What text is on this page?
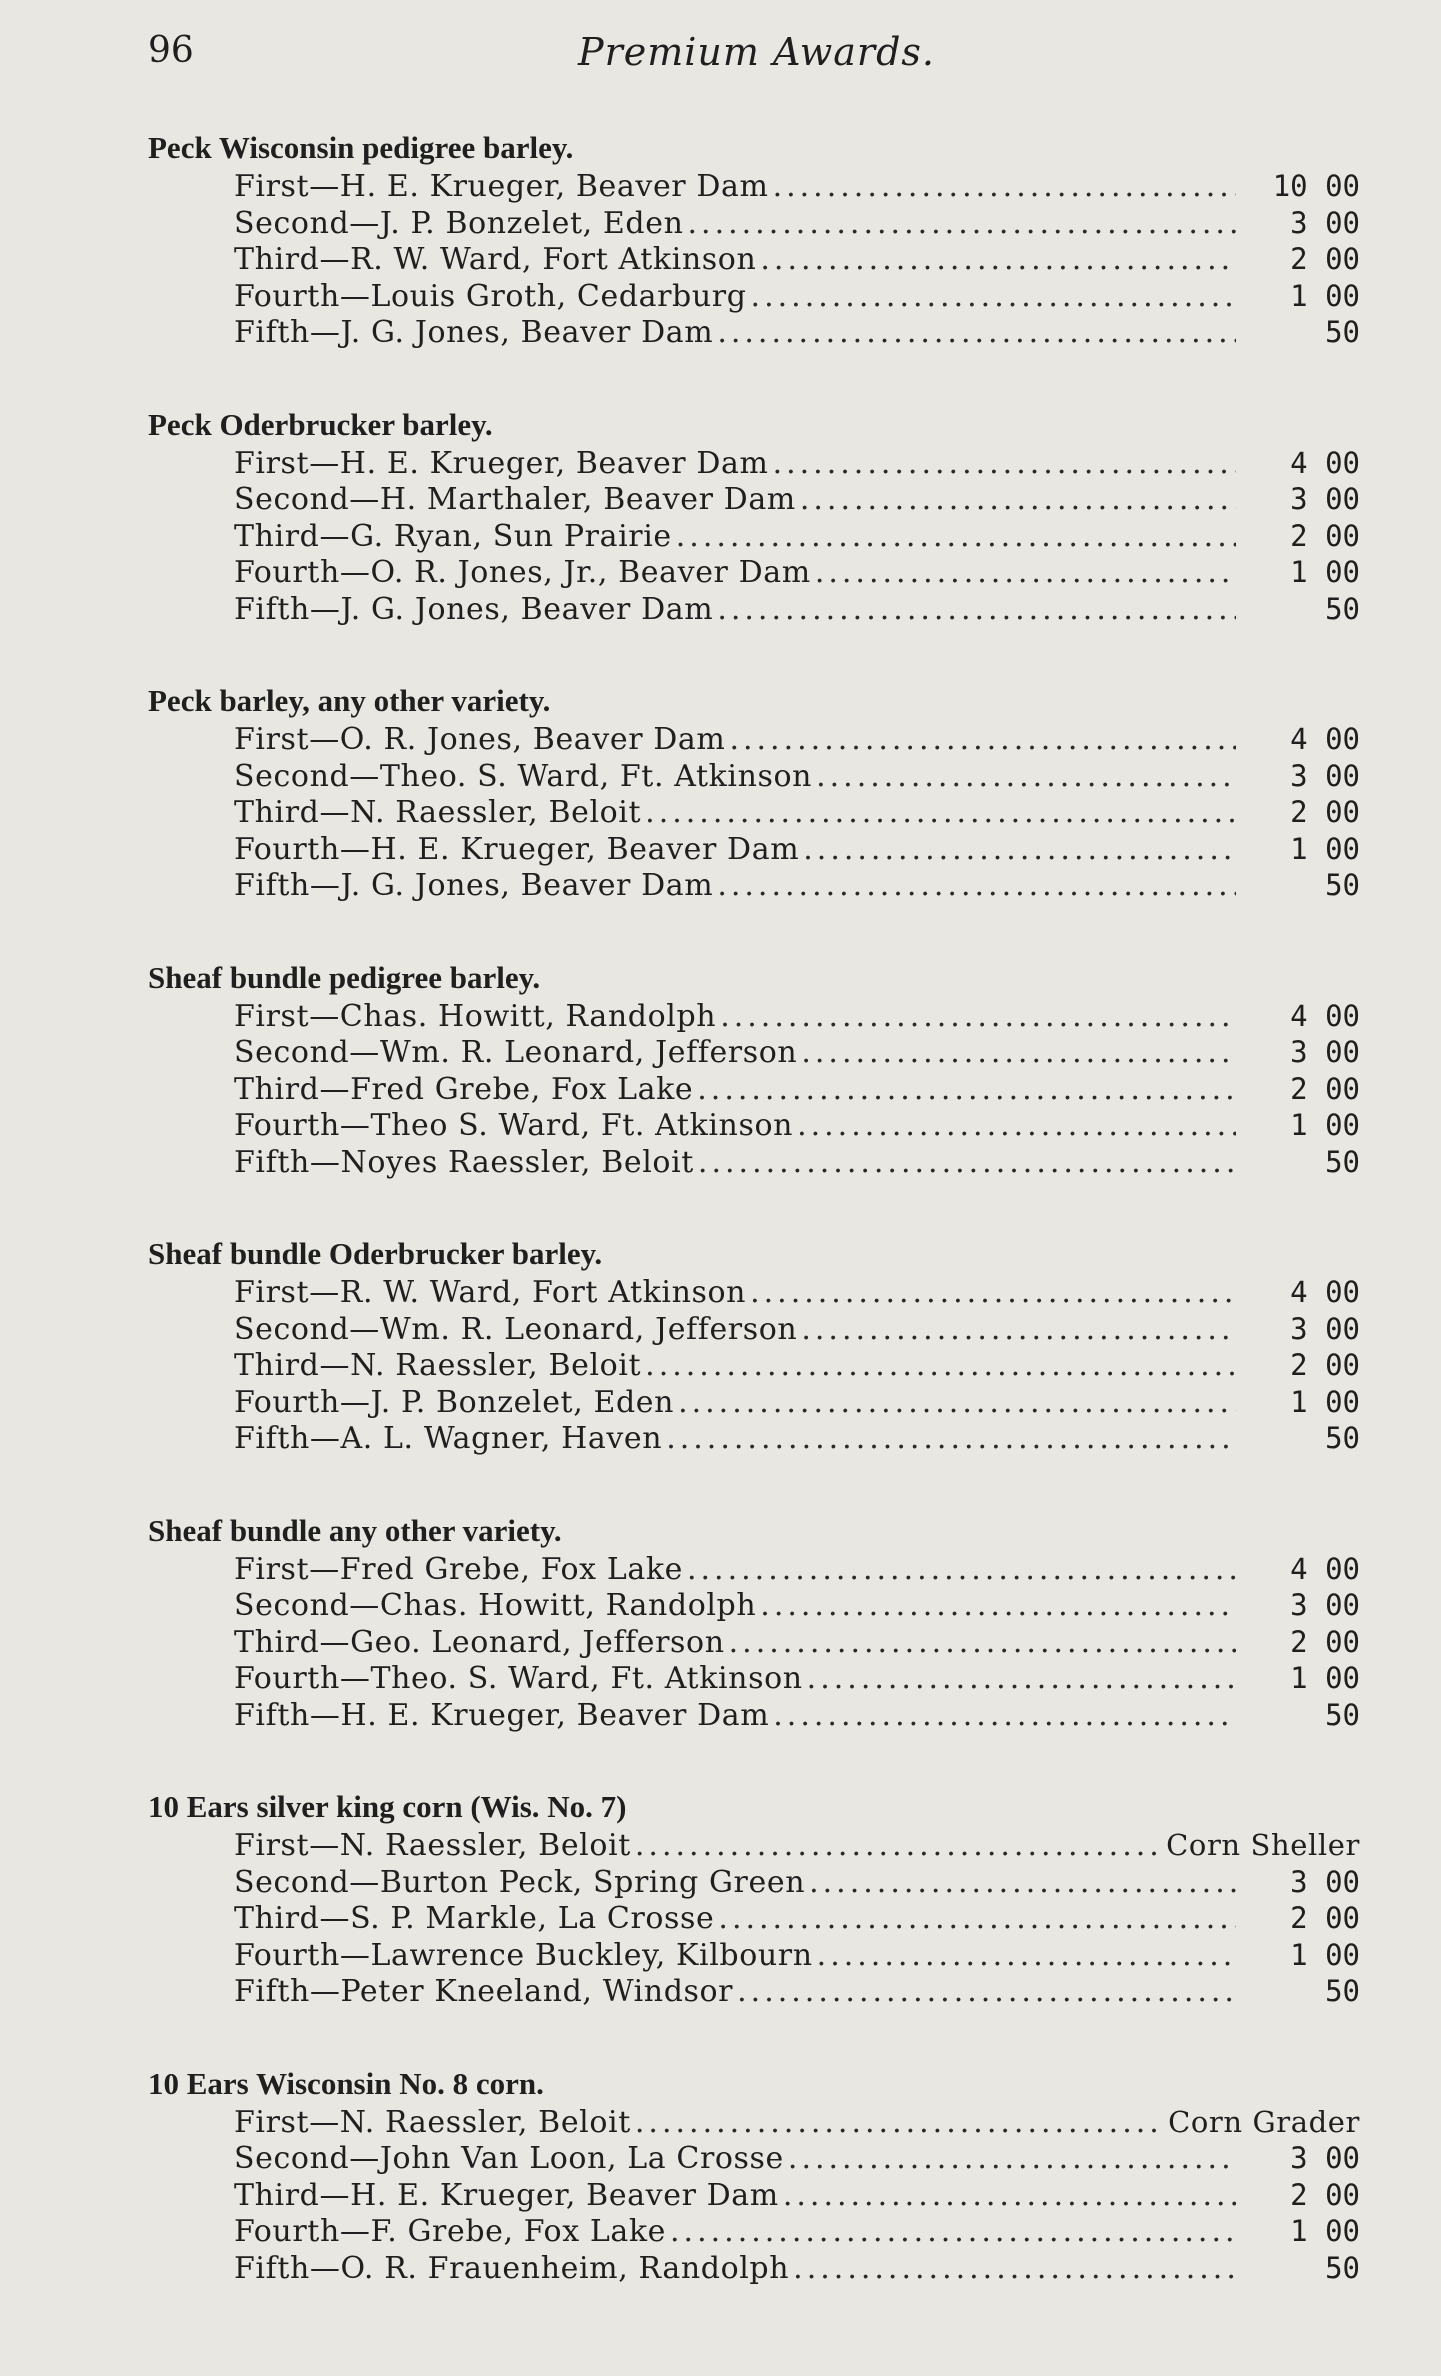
96	Premium Awards.
Peck Wisconsin pedigree barley.
First—H. E. Krueger, Beaver Dam .....	10 00
Second—J. P. Bonzelet, Eden .....	3 00
Third—R. W. Ward, Fort Atkinson .....	2 00
Fourth—Louis Groth, Cedarburg .....	1 00
Fifth—J. G. Jones, Beaver Dam .....	50
Peck Oderbrucker barley.
First—H. E. Krueger, Beaver Dam .....	4 00
Second—H. Marthaler, Beaver Dam .....	3 00
Third—G. Ryan, Sun Prairie .....	2 00
Fourth—O. R. Jones, Jr., Beaver Dam .....	1 00
Fifth—J. G. Jones, Beaver Dam .....	50
Peck barley, any other variety.
First—O. R. Jones, Beaver Dam .....	4 00
Second—Theo. S. Ward, Ft. Atkinson .....	3 00
Third—N. Raessler, Beloit .....	2 00
Fourth—H. E. Krueger, Beaver Dam .....	1 00
Fifth—J. G. Jones, Beaver Dam .....	50
Sheaf bundle pedigree barley.
First—Chas. Howitt, Randolph .....	4 00
Second—Wm. R. Leonard, Jefferson .....	3 00
Third—Fred Grebe, Fox Lake .....	2 00
Fourth—Theo S. Ward, Ft. Atkinson .....	1 00
Fifth—Noyes Raessler, Beloit .....	50
Sheaf bundle Oderbrucker barley.
First—R. W. Ward, Fort Atkinson .....	4 00
Second—Wm. R. Leonard, Jefferson .....	3 00
Third—N. Raessler, Beloit .....	2 00
Fourth—J. P. Bonzelet, Eden .....	1 00
Fifth—A. L. Wagner, Haven .....	50
Sheaf bundle any other variety.
First—Fred Grebe, Fox Lake .....	4 00
Second—Chas. Howitt, Randolph .....	3 00
Third—Geo. Leonard, Jefferson .....	2 00
Fourth—Theo. S. Ward, Ft. Atkinson .....	1 00
Fifth—H. E. Krueger, Beaver Dam .....	50
10 Ears silver king corn (Wis. No. 7)
First—N. Raessler, Beloit .....	Corn Sheller
Second—Burton Peck, Spring Green .....	3 00
Third—S. P. Markle, La Crosse .....	2 00
Fourth—Lawrence Buckley, Kilbourn .....	1 00
Fifth—Peter Kneeland, Windsor .....	50
10 Ears Wisconsin No. 8 corn.
First—N. Raessler, Beloit .....	Corn Grader
Second—John Van Loon, La Crosse .....	3 00
Third—H. E. Krueger, Beaver Dam .....	2 00
Fourth—F. Grebe, Fox Lake .....	1 00
Fifth—O. R. Frauenheim, Randolph .....	50
